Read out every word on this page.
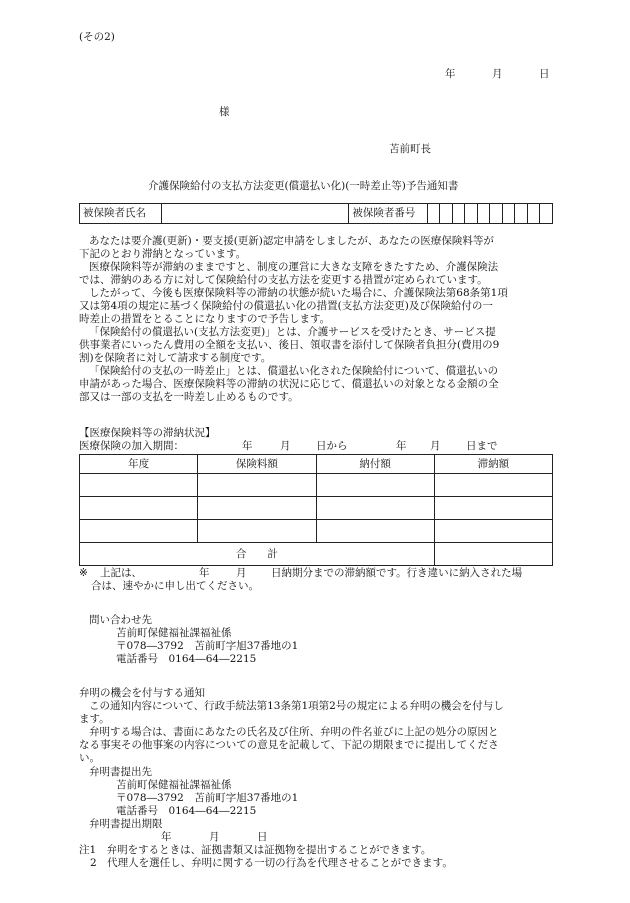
(その2)
年	月	日
様
苫前町長
介護保険給付の支払方法変更(償還払い化)(一時差止等)予告通知書
被保険者氏名		被保険者番号										
あなたは要介護(更新)・要支援(更新)認定申請をしましたが、あなたの医療保険料等が
下記のとおり滞納となっています。
医療保険料等が滞納のままですと、制度の運営に大きな支障をきたすため、介護保険法
では、滞納のある方に対して保険給付の支払方法を変更する措置が定められています。
したがって、今後も医療保険料等の滞納の状態が続いた場合に、介護保険法第68条第1項
又は第4項の規定に基づく保険給付の償還払い化の措置(支払方法変更)及び保険給付の一
時差止の措置をとることになりますので予告します。
「保険給付の償還払い(支払方法変更)」とは、介護サービスを受けたとき、サービス提
供事業者にいったん費用の全額を支払い、後日、領収書を添付して保険者負担分(費用の9
割)を保険者に対して請求する制度です。
「保険給付の支払の一時差止」とは、償還払い化された保険給付について、償還払いの
申請があった場合、医療保険料等の滞納の状況に応じて、償還払いの対象となる金額の全
部又は一部の支払を一時差し止めるものです。
【医療保険料等の滞納状況】
医療保険の加入期間：	年	月 日から	年 月 日まで
年度	保険料額	納付額	滞納額

合　　計			
※ 上記は、	年	月 日納期分までの滞納額です。行き違いに納入された場
合は、速やかに申し出てください。
問い合わせ先
苫前町保健福祉課福祉係
〒078―3792　苫前町字旭37番地の1
電話番号　0164―64―2215
弁明の機会を付与する通知
この通知内容について、行政手続法第13条第1項第2号の規定による弁明の機会を付与し
ます。
弁明する場合は、書面にあなたの氏名及び住所、弁明の件名並びに上記の処分の原因と
なる事実その他事案の内容についての意見を記載して、下記の期限までに提出してくださ
い。
弁明書提出先
苫前町保健福祉課福祉係
〒078―3792　苫前町字旭37番地の1
電話番号　0164―64―2215
弁明書提出期限
年	月	日
注1　弁明をするときは、証拠書類又は証拠物を提出することができます。
2　代理人を選任し、弁明に関する一切の行為を代理させることができます。
